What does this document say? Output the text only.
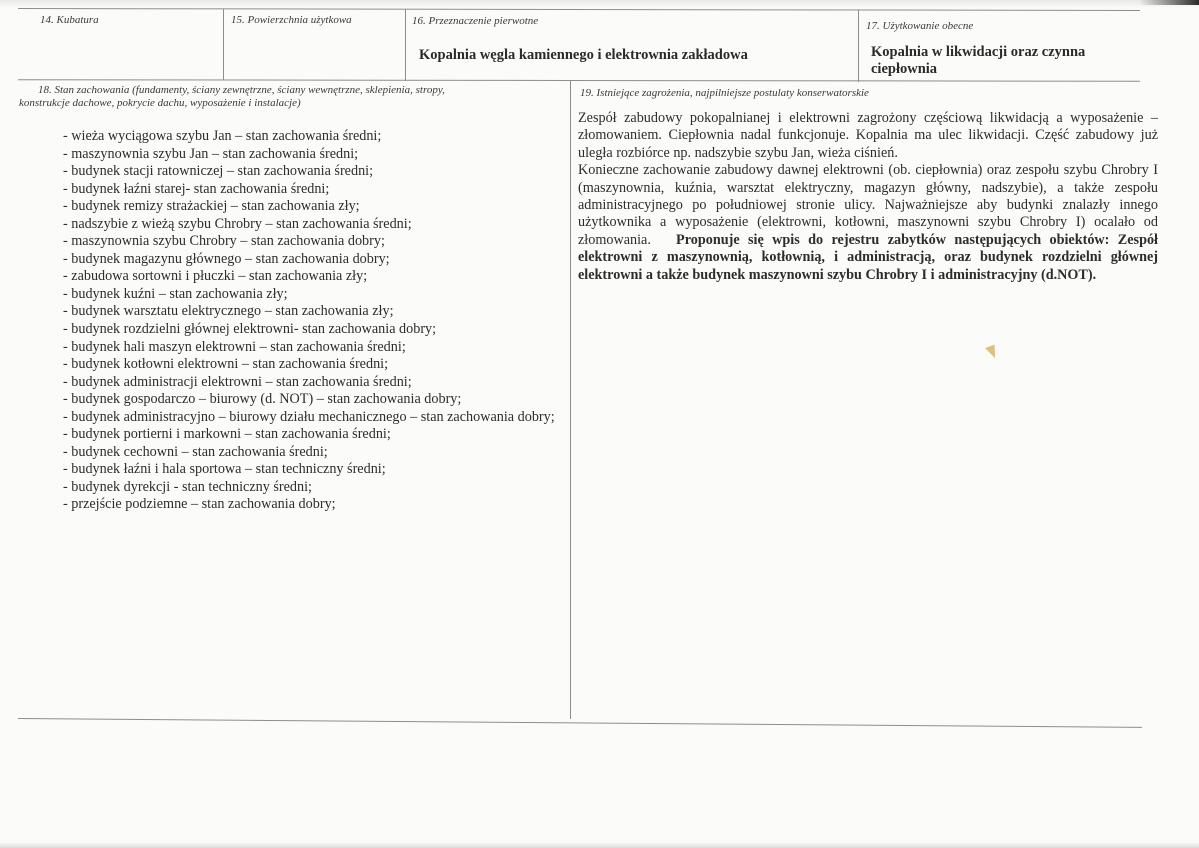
14. Kubatura	15. Powierzchnia użytkowa	16. Przeznaczenie pierwotne
Kopalnia węgla kamiennego i elektrownia zakładowa
17. Użytkowanie obecne
Kopalnia w likwidacji oraz czynna
ciepłownia
18. Stan zachowania (fundamenty, ściany zewnętrzne, ściany wewnętrzne, sklepienia, stropy,
konstrukcje dachowe, pokrycie dachu, wyposażenie i instalacje)
- wieża wyciągowa szybu Jan – stan zachowania średni;
- maszynownia szybu Jan – stan zachowania średni;
- budynek stacji ratowniczej – stan zachowania średni;
- budynek łaźni starej- stan zachowania średni;
- budynek remizy strażackiej – stan zachowania zły;
- nadszybie z wieżą szybu Chrobry – stan zachowania średni;
- maszynownia szybu Chrobry – stan zachowania dobry;
- budynek magazynu głównego – stan zachowania dobry;
- zabudowa sortowni i płuczki – stan zachowania zły;
- budynek kuźni – stan zachowania zły;
- budynek warsztatu elektrycznego – stan zachowania zły;
- budynek rozdzielni głównej elektrowni- stan zachowania dobry;
- budynek hali maszyn elektrowni – stan zachowania średni;
- budynek kotłowni elektrowni – stan zachowania średni;
- budynek administracji elektrowni – stan zachowania średni;
- budynek gospodarczo – biurowy (d. NOT) – stan zachowania dobry;
- budynek administracyjno – biurowy działu mechanicznego – stan zachowania dobry;
- budynek portierni i markowni – stan zachowania średni;
- budynek cechowni – stan zachowania średni;
- budynek łaźni i hala sportowa – stan techniczny średni;
- budynek dyrekcji - stan techniczny średni;
- przejście podziemne – stan zachowania dobry;
19. Istniejące zagrożenia, najpilniejsze postulaty konserwatorskie

Zespół zabudowy pokopalnianej i elektrowni zagrożony częściową likwidacją a wyposażenie – złomowaniem. Ciepłownia nadal funkcjonuje. Kopalnia ma ulec likwidacji. Część zabudowy już uległa rozbiórce np. nadszybie szybu Jan, wieża ciśnień.

Konieczne zachowanie zabudowy dawnej elektrowni (ob. ciepłownia) oraz zespołu szybu Chrobry I (maszynownia, kuźnia, warsztat elektryczny, magazyn główny, nadszybie), a także zespołu administracyjnego po południowej stronie ulicy. Najważniejsze aby budynki znalazły innego użytkownika a wyposażenie (elektrowni, kotłowni, maszynowni szybu Chrobry I) ocalało od złomowania. Proponuje się wpis do rejestru zabytków następujących obiektów: Zespół elektrowni z maszynownią, kotłownią, i administracją, oraz budynek rozdzielni głównej elektrowni a także budynek maszynowni szybu Chrobry I i administracyjny (d.NOT).
